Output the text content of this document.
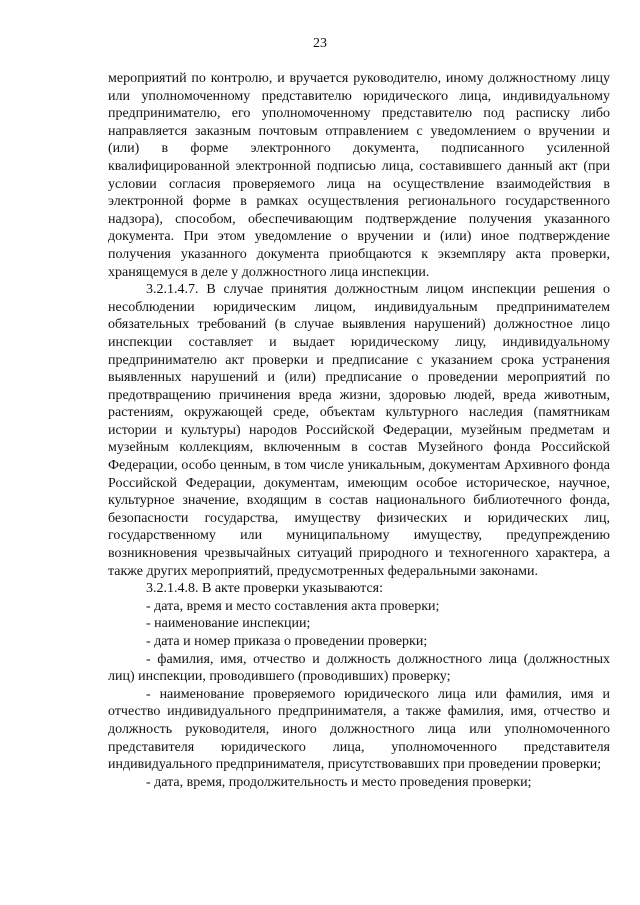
23

мероприятий по контролю, и вручается руководителю, иному должностному лицу или уполномоченному представителю юридического лица, индивидуальному предпринимателю, его уполномоченному представителю под расписку либо направляется заказным почтовым отправлением с уведомлением о вручении и (или) в форме электронного документа, подписанного усиленной квалифицированной электронной подписью лица, составившего данный акт (при условии согласия проверяемого лица на осуществление взаимодействия в электронной форме в рамках осуществления регионального государственного надзора), способом, обеспечивающим подтверждение получения указанного документа. При этом уведомление о вручении и (или) иное подтверждение получения указанного документа приобщаются к экземпляру акта проверки, хранящемуся в деле у должностного лица инспекции.

3.2.1.4.7. В случае принятия должностным лицом инспекции решения о несоблюдении юридическим лицом, индивидуальным предпринимателем обязательных требований (в случае выявления нарушений) должностное лицо инспекции составляет и выдает юридическому лицу, индивидуальному предпринимателю акт проверки и предписание с указанием срока устранения выявленных нарушений и (или) предписание о проведении мероприятий по предотвращению причинения вреда жизни, здоровью людей, вреда животным, растениям, окружающей среде, объектам культурного наследия (памятникам истории и культуры) народов Российской Федерации, музейным предметам и музейным коллекциям, включенным в состав Музейного фонда Российской Федерации, особо ценным, в том числе уникальным, документам Архивного фонда Российской Федерации, документам, имеющим особое историческое, научное, культурное значение, входящим в состав национального библиотечного фонда, безопасности государства, имуществу физических и юридических лиц, государственному или муниципальному имуществу, предупреждению возникновения чрезвычайных ситуаций природного и техногенного характера, а также других мероприятий, предусмотренных федеральными законами.

3.2.1.4.8. В акте проверки указываются:

- дата, время и место составления акта проверки;

- наименование инспекции;

- дата и номер приказа о проведении проверки;

- фамилия, имя, отчество и должность должностного лица (должностных лиц) инспекции, проводившего (проводивших) проверку;

- наименование проверяемого юридического лица или фамилия, имя и отчество индивидуального предпринимателя, а также фамилия, имя, отчество и должность руководителя, иного должностного лица или уполномоченного представителя юридического лица, уполномоченного представителя индивидуального предпринимателя, присутствовавших при проведении проверки;

- дата, время, продолжительность и место проведения проверки;
